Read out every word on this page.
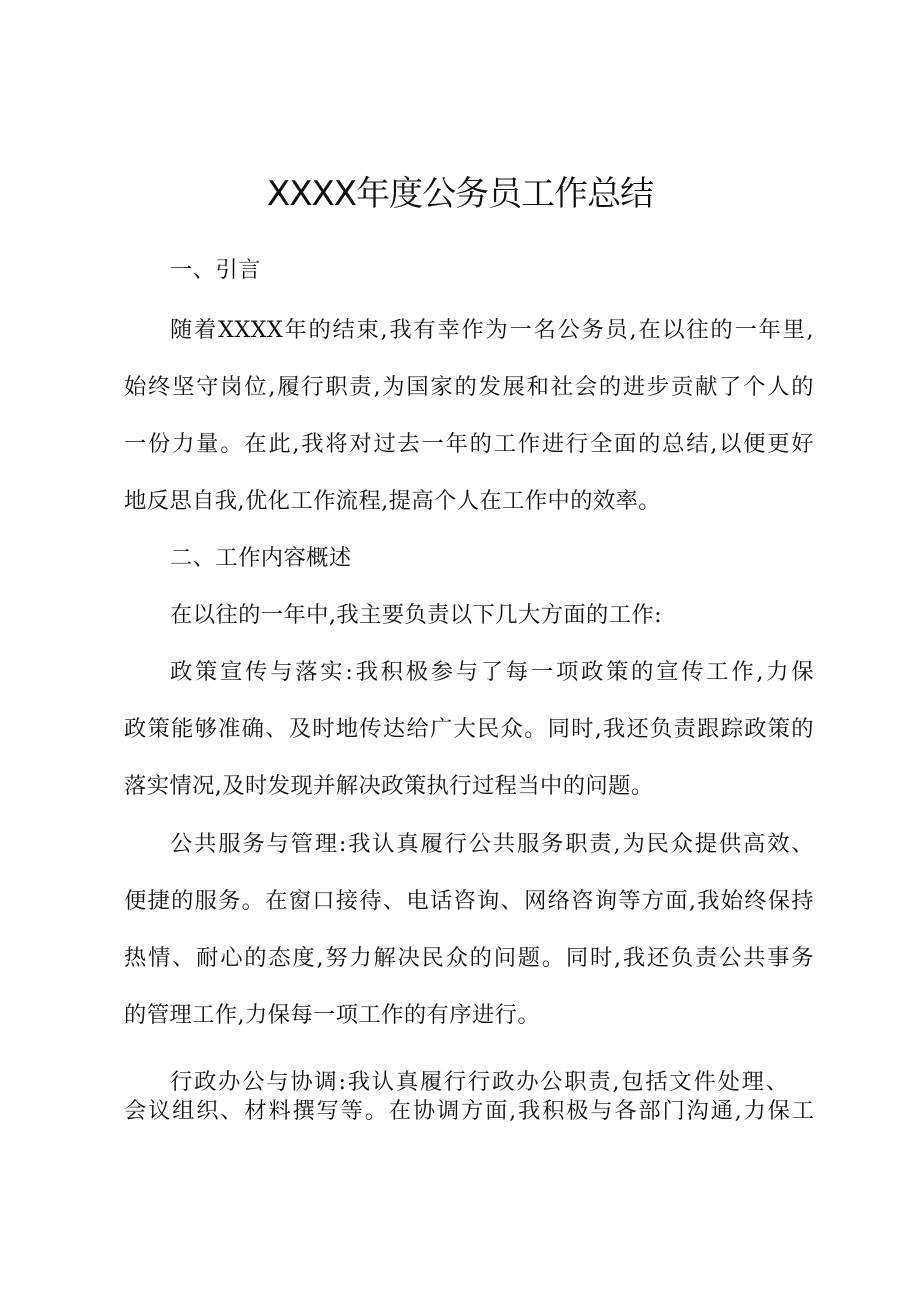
XXXX年度公务员工作总结
一、引言
随着XXXX年的结束,我有幸作为一名公务员,在以往的一年里,
始终坚守岗位,履行职责,为国家的发展和社会的进步贡献了个人的
一份力量。在此,我将对过去一年的工作进行全面的总结,以便更好
地反思自我,优化工作流程,提高个人在工作中的效率。
二、工作内容概述
在以往的一年中,我主要负责以下几大方面的工作:
政策宣传与落实:我积极参与了每一项政策的宣传工作,力保
政策能够准确、及时地传达给广大民众。同时,我还负责跟踪政策的
落实情况,及时发现并解决政策执行过程当中的问题。
公共服务与管理:我认真履行公共服务职责,为民众提供高效、
便捷的服务。在窗口接待、电话咨询、网络咨询等方面,我始终保持
热情、耐心的态度,努力解决民众的问题。同时,我还负责公共事务
的管理工作,力保每一项工作的有序进行。
行政办公与协调:我认真履行行政办公职责,包括文件处理、
会议组织、材料撰写等。在协调方面,我积极与各部门沟通,力保工
